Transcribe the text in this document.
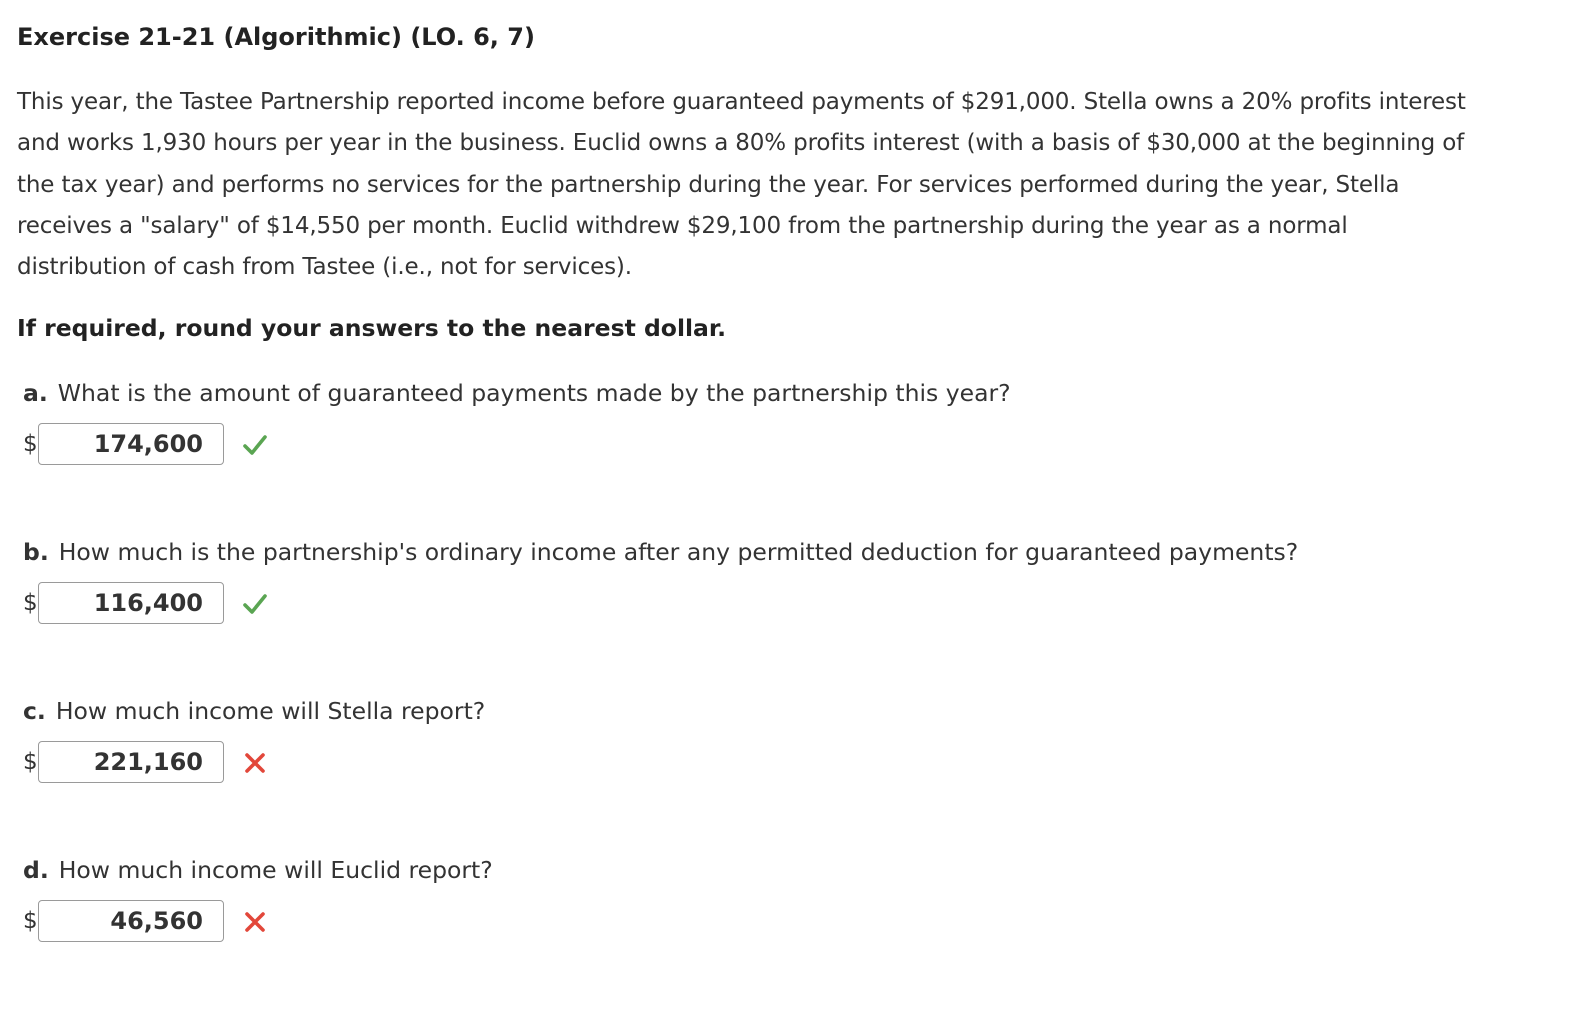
Exercise 21-21 (Algorithmic) (LO. 6, 7)
This year, the Tastee Partnership reported income before guaranteed payments of $291,000. Stella owns a 20% profits interest
and works 1,930 hours per year in the business. Euclid owns a 80% profits interest (with a basis of $30,000 at the beginning of
the tax year) and performs no services for the partnership during the year. For services performed during the year, Stella
receives a "salary" of $14,550 per month. Euclid withdrew $29,100 from the partnership during the year as a normal
distribution of cash from Tastee (i.e., not for services).
If required, round your answers to the nearest dollar.
a. What is the amount of guaranteed payments made by the partnership this year?
$	174,600
b. How much is the partnership's ordinary income after any permitted deduction for guaranteed payments?
$	116,400
c. How much income will Stella report?
$	221,160
d. How much income will Euclid report?
$	46,560
